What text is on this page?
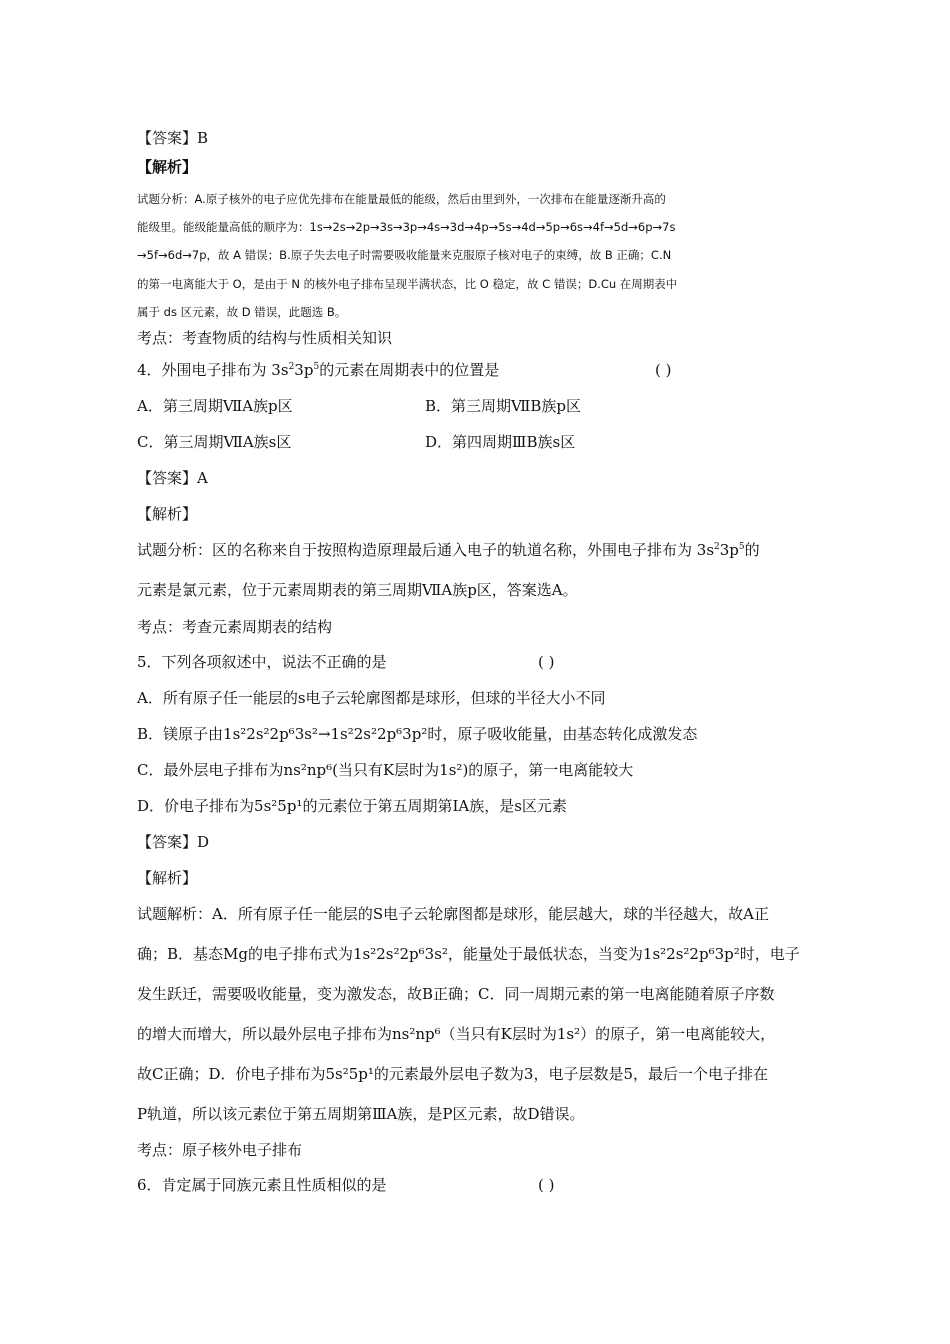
【答案】B
【解析】
试题分析：A.原子核外的电子应优先排布在能量最低的能级，然后由里到外，一次排布在能量逐渐升高的
能级里。能级能量高低的顺序为：1s→2s→2p→3s→3p→4s→3d→4p→5s→4d→5p→6s→4f→5d→6p→7s
→5f→6d→7p，故 A 错误；B.原子失去电子时需要吸收能量来克服原子核对电子的束缚，故 B 正确；C.N
的第一电离能大于 O，是由于 N 的核外电子排布呈现半满状态，比 O 稳定，故 C 错误；D.Cu 在周期表中
属于 ds 区元素，故 D 错误，此题选 B。
考点：考查物质的结构与性质相关知识
4．外围电子排布为 $3s^23p^5$的元素在周期表中的位置是	( )
A．第三周期ⅦA族p区	B．第三周期ⅦB族p区
C．第三周期ⅦA族s区	D．第四周期ⅢB族s区
【答案】A
【解析】
试题分析：区的名称来自于按照构造原理最后通入电子的轨道名称，外围电子排布为 $3s^23p^5$的
元素是氯元素，位于元素周期表的第三周期ⅦA族p区，答案选A。
考点：考查元素周期表的结构
5．下列各项叙述中，说法不正确的是	( )
A．所有原子任一能层的s电子云轮廓图都是球形，但球的半径大小不同
B．镁原子由1s²2s²2p⁶3s²→1s²2s²2p⁶3p²时，原子吸收能量，由基态转化成激发态
C．最外层电子排布为ns²np⁶(当只有K层时为1s²)的原子，第一电离能较大
D．价电子排布为5s²5p¹的元素位于第五周期第ⅠA族，是s区元素
【答案】D
【解析】
试题解析：A．所有原子任一能层的S电子云轮廓图都是球形，能层越大，球的半径越大，故A正
确；B．基态Mg的电子排布式为1s²2s²2p⁶3s²，能量处于最低状态，当变为1s²2s²2p⁶3p²时，电子
发生跃迁，需要吸收能量，变为激发态，故B正确；C．同一周期元素的第一电离能随着原子序数
的增大而增大，所以最外层电子排布为ns²np⁶（当只有K层时为1s²）的原子，第一电离能较大，
故C正确；D．价电子排布为5s²5p¹的元素最外层电子数为3，电子层数是5，最后一个电子排在
P轨道，所以该元素位于第五周期第ⅢA族，是P区元素，故D错误。
考点：原子核外电子排布
6．肯定属于同族元素且性质相似的是	( )
